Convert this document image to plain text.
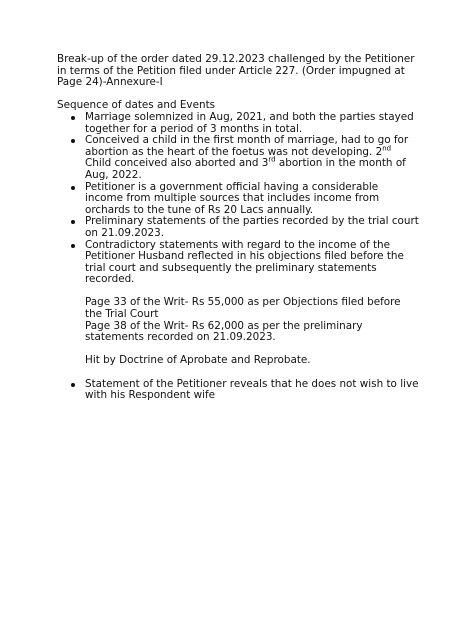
Break-up of the order dated 29.12.2023 challenged by the Petitioner in terms of the Petition filed under Article 227. (Order impugned at Page 24)-Annexure-I

Sequence of dates and Events

Marriage solemnized in Aug, 2021, and both the parties stayed together for a period of 3 months in total.
Conceived a child in the first month of marriage, had to go for abortion as the heart of the foetus was not developing. 2nd Child conceived also aborted and 3rd abortion in the month of Aug, 2022.
Petitioner is a government official having a considerable income from multiple sources that includes income from orchards to the tune of Rs 20 Lacs annually.
Preliminary statements of the parties recorded by the trial court on 21.09.2023.
Contradictory statements with regard to the income of the Petitioner Husband reflected in his objections filed before the trial court and subsequently the preliminary statements recorded.

Page 33 of the Writ- Rs 55,000 as per Objections filed before the Trial Court

Page 38 of the Writ- Rs 62,000 as per the preliminary statements recorded on 21.09.2023.

Hit by Doctrine of Aprobate and Reprobate.

Statement of the Petitioner reveals that he does not wish to live with his Respondent wife
